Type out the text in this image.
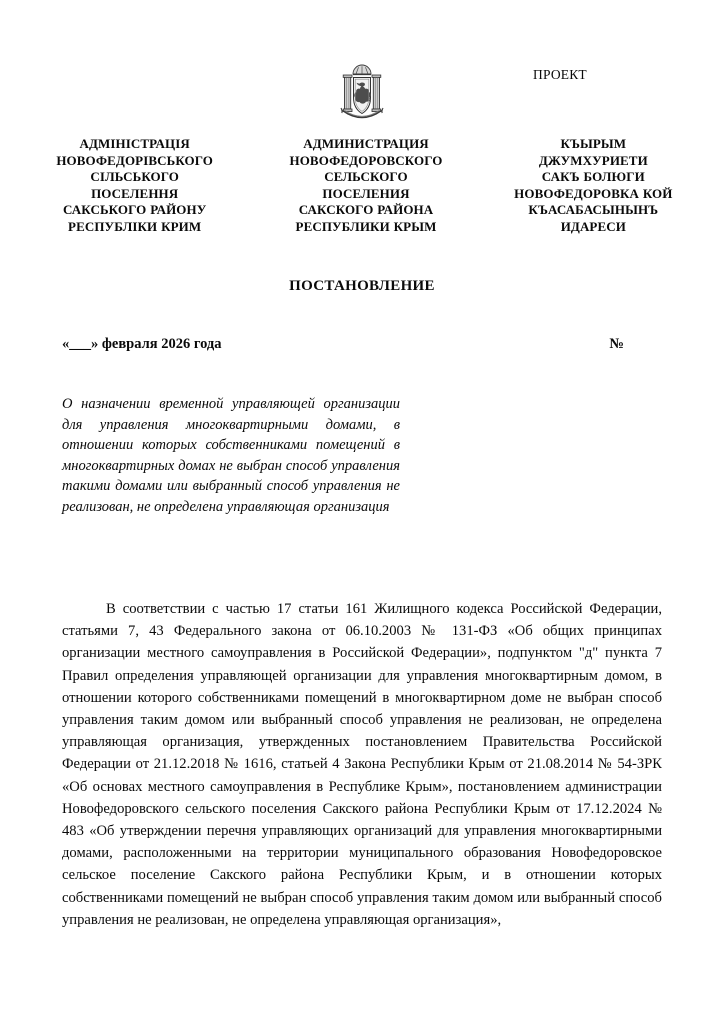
ПРОЕКТ
АДМІНІСТРАЦІЯ
НОВОФЕДОРІВСЬКОГО
СІЛЬСЬКОГО
ПОСЕЛЕННЯ
САКСЬКОГО РАЙОНУ
РЕСПУБЛІКИ КРИМ
АДМИНИСТРАЦИЯ
НОВОФЕДОРОВСКОГО
СЕЛЬСКОГО
ПОСЕЛЕНИЯ
САКСКОГО РАЙОНА
РЕСПУБЛИКИ КРЫМ
КЪЫРЫМ
ДЖУМХУРИЕТИ
САКЪ БОЛЮГИ
НОВОФЕДОРОВКА КОЙ
КЪАСАБАСЫНЫНЪ
ИДАРЕСИ
ПОСТАНОВЛЕНИЕ
«___» февраля 2026 года	№
О назначении временной управляющей организации для управления многоквартирными домами, в отношении которых собственниками помещений в многоквартирных домах не выбран способ управления такими домами или выбранный способ управления не реализован, не определена управляющая организация

В соответствии с частью 17 статьи 161 Жилищного кодекса Российской Федерации, статьями 7, 43 Федерального закона от 06.10.2003 № 131-ФЗ «Об общих принципах организации местного самоуправления в Российской Федерации», подпунктом "д" пункта 7 Правил определения управляющей организации для управления многоквартирным домом, в отношении которого собственниками помещений в многоквартирном доме не выбран способ управления таким домом или выбранный способ управления не реализован, не определена управляющая организация, утвержденных постановлением Правительства Российской Федерации от 21.12.2018 № 1616, статьей 4 Закона Республики Крым от 21.08.2014 № 54-ЗРК «Об основах местного самоуправления в Республике Крым», постановлением администрации Новофедоровского сельского поселения Сакского района Республики Крым от 17.12.2024 № 483 «Об утверждении перечня управляющих организаций для управления многоквартирными домами, расположенными на территории муниципального образования Новофедоровское сельское поселение Сакского района Республики Крым, и в отношении которых собственниками помещений не выбран способ управления таким домом или выбранный способ управления не реализован, не определена управляющая организация»,
